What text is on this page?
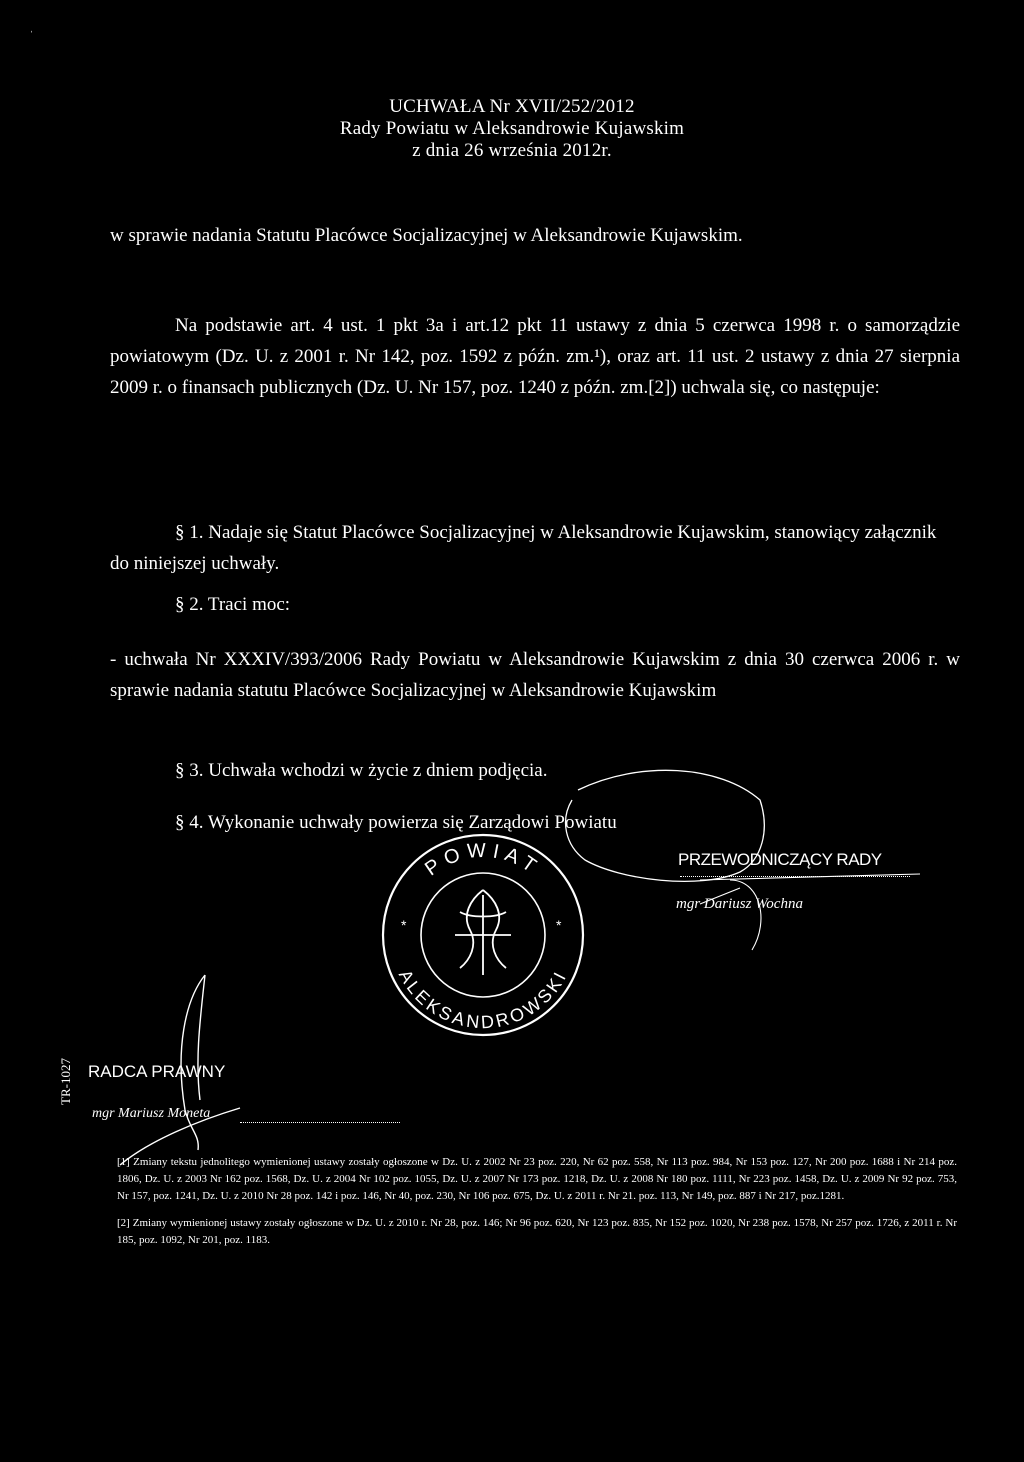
ˈ
UCHWAŁA Nr XVII/252/2012
Rady Powiatu w Aleksandrowie Kujawskim
z dnia 26 września 2012r.
w sprawie nadania Statutu Placówce Socjalizacyjnej w Aleksandrowie Kujawskim.
Na podstawie art. 4 ust. 1 pkt 3a i art.12 pkt 11 ustawy z dnia 5 czerwca 1998 r. o samorządzie powiatowym (Dz. U. z 2001 r. Nr 142, poz. 1592 z późn. zm.¹), oraz art. 11 ust. 2 ustawy z dnia 27 sierpnia 2009 r. o finansach publicznych (Dz. U. Nr 157, poz. 1240 z późn. zm.[2]) uchwala się, co następuje:
§ 1. Nadaje się Statut Placówce Socjalizacyjnej w Aleksandrowie Kujawskim, stanowiący załącznik do niniejszej uchwały.
§ 2. Traci moc:
- uchwała Nr XXXIV/393/2006 Rady Powiatu w Aleksandrowie Kujawskim z dnia 30 czerwca 2006 r. w sprawie nadania statutu Placówce Socjalizacyjnej w Aleksandrowie Kujawskim
§ 3. Uchwała wchodzi w życie z dniem podjęcia.
§ 4. Wykonanie uchwały powierza się Zarządowi Powiatu
POWIAT
ALEKSANDROWSKI
*	*
PRZEWODNICZĄCY RADY
mgr Dariusz Wochna
TR-1027 RADCA PRAWNY
mgr Mariusz Moneta

[1] Zmiany tekstu jednolitego wymienionej ustawy zostały ogłoszone w Dz. U. z 2002 Nr 23 poz. 220, Nr 62 poz. 558, Nr 113 poz. 984, Nr 153 poz. 127, Nr 200 poz. 1688 i Nr 214 poz. 1806, Dz. U. z 2003 Nr 162 poz. 1568, Dz. U. z 2004 Nr 102 poz. 1055, Dz. U. z 2007 Nr 173 poz. 1218, Dz. U. z 2008 Nr 180 poz. 1111, Nr 223 poz. 1458, Dz. U. z 2009 Nr 92 poz. 753, Nr 157, poz. 1241, Dz. U. z 2010 Nr 28 poz. 142 i poz. 146, Nr 40, poz. 230, Nr 106 poz. 675, Dz. U. z 2011 r. Nr 21. poz. 113, Nr 149, poz. 887 i Nr 217, poz.1281.

[2] Zmiany wymienionej ustawy zostały ogłoszone w Dz. U. z 2010 r. Nr 28, poz. 146; Nr 96 poz. 620, Nr 123 poz. 835, Nr 152 poz. 1020, Nr 238 poz. 1578, Nr 257 poz. 1726, z 2011 r. Nr 185, poz. 1092, Nr 201, poz. 1183.
